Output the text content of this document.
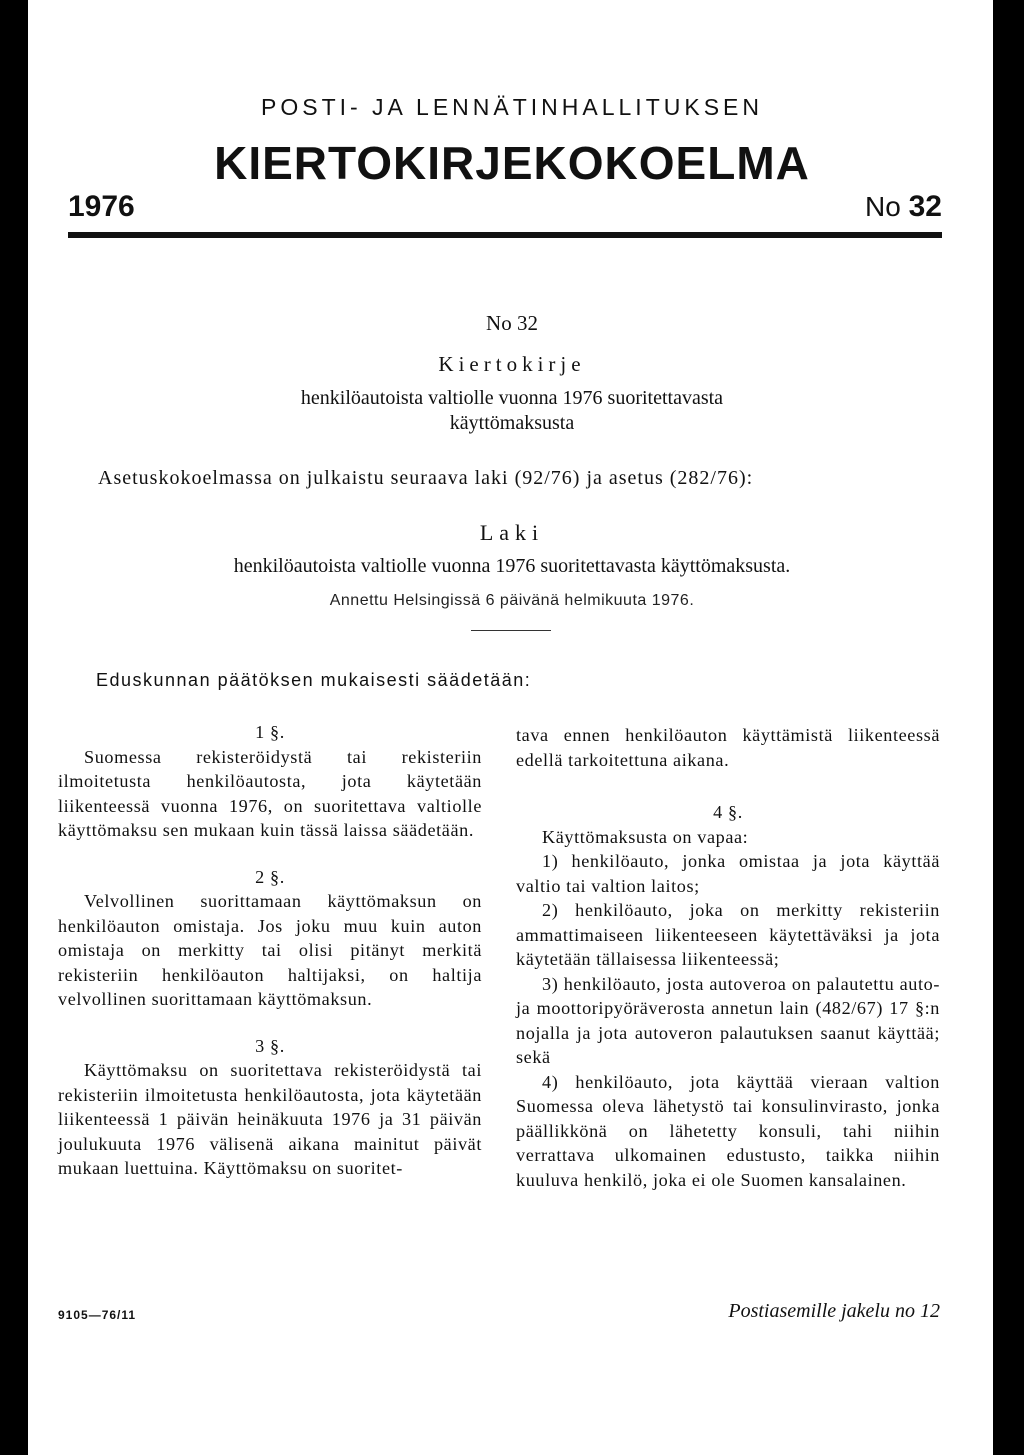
POSTI- JA LENNÄTINHALLITUKSEN
KIERTOKIRJEKOKOELMA
1976	No 32
No 32
Kiertokirje
henkilöautoista valtiolle vuonna 1976 suoritettavasta
käyttömaksusta
Asetuskokoelmassa on julkaistu seuraava laki (92/76) ja asetus (282/76):
Laki
henkilöautoista valtiolle vuonna 1976 suoritettavasta käyttömaksusta.
Annettu Helsingissä 6 päivänä helmikuuta 1976.
Eduskunnan päätöksen mukaisesti säädetään:
1 §.

Suomessa rekisteröidystä tai rekisteriin ilmoitetusta henkilöautosta, jota käytetään liikenteessä vuonna 1976, on suoritettava valtiolle käyttömaksu sen mukaan kuin tässä laissa säädetään.

2 §.

Velvollinen suorittamaan käyttömaksun on henkilöauton omistaja. Jos joku muu kuin auton omistaja on merkitty tai olisi pitänyt merkitä rekisteriin henkilöauton haltijaksi, on haltija velvollinen suorittamaan käyttömaksun.

3 §.

Käyttömaksu on suoritettava rekisteröidystä tai rekisteriin ilmoitetusta henkilöautosta, jota käytetään liikenteessä 1 päivän heinäkuuta 1976 ja 31 päivän joulukuuta 1976 välisenä aikana mainitut päivät mukaan luettuina. Käyttömaksu on suoritet-

tava ennen henkilöauton käyttämistä liikenteessä edellä tarkoitettuna aikana.

4 §.

Käyttömaksusta on vapaa:

1) henkilöauto, jonka omistaa ja jota käyttää valtio tai valtion laitos;

2) henkilöauto, joka on merkitty rekisteriin ammattimaiseen liikenteeseen käytettäväksi ja jota käytetään tällaisessa liikenteessä;

3) henkilöauto, josta autoveroa on palautettu auto- ja moottoripyöräverosta annetun lain (482/67) 17 §:n nojalla ja jota autoveron palautuksen saanut käyttää; sekä

4) henkilöauto, jota käyttää vieraan valtion Suomessa oleva lähetystö tai konsulinvirasto, jonka päällikkönä on lähetetty konsuli, tahi niihin verrattava ulkomainen edustusto, taikka niihin kuuluva henkilö, joka ei ole Suomen kansalainen.

9105—76/11	Postiasemille jakelu no 12
